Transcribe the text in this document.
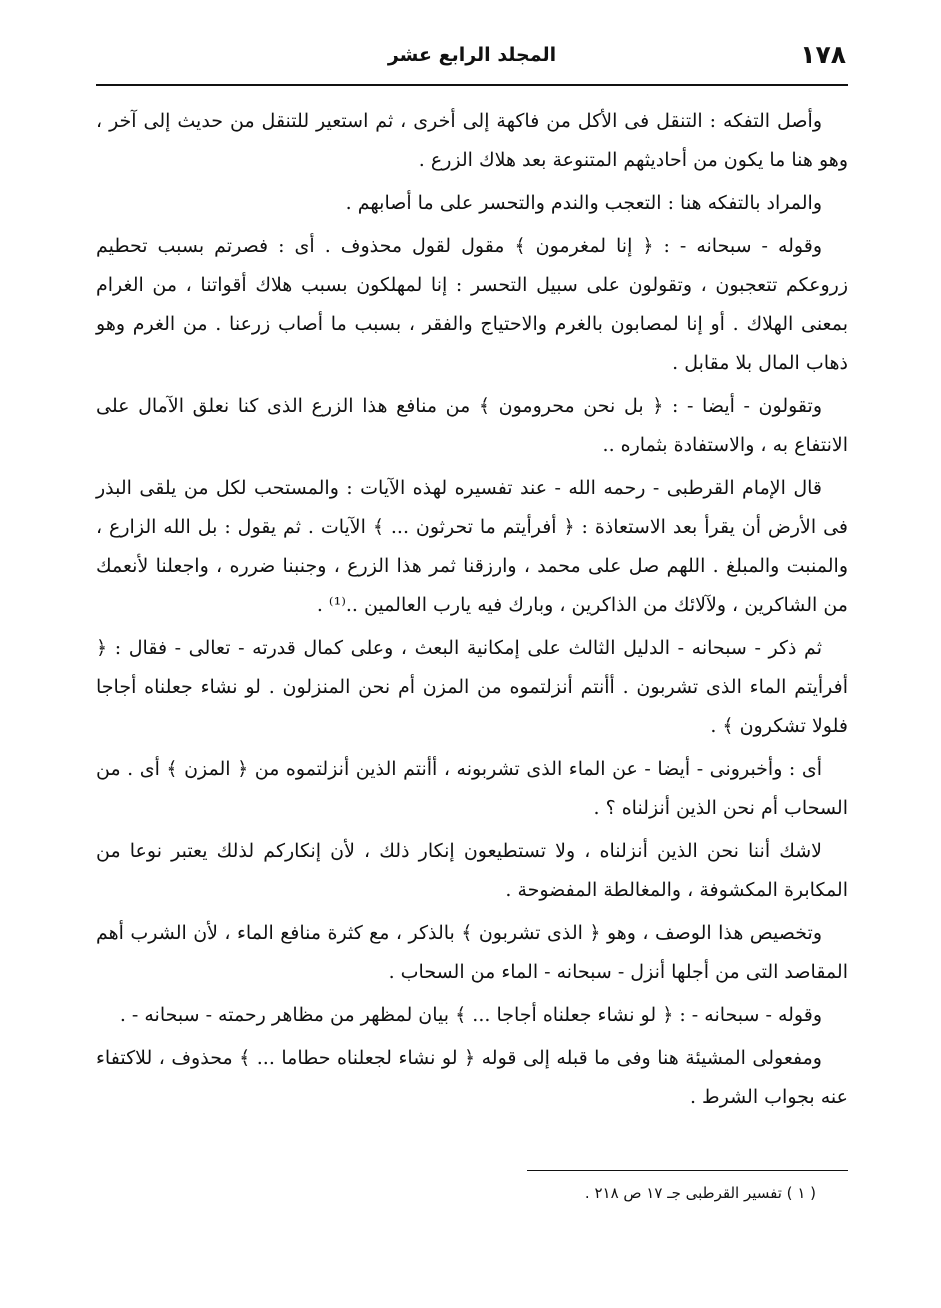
١٧٨
المجلد الرابع عشر

وأصل التفكه : التنقل فى الأكل من فاكهة إلى أخرى ، ثم استعير للتنقل من حديث إلى آخر ، وهو هنا ما يكون من أحاديثهم المتنوعة بعد هلاك الزرع .

والمراد بالتفكه هنا : التعجب والندم والتحسر على ما أصابهم .

وقوله - سبحانه - : ﴿ إنا لمغرمون ﴾ مقول لقول محذوف . أى : فصرتم بسبب تحطيم زروعكم تتعجبون ، وتقولون على سبيل التحسر : إنا لمهلكون بسبب هلاك أقواتنا ، من الغرام بمعنى الهلاك . أو إنا لمصابون بالغرم والاحتياج والفقر ، بسبب ما أصاب زرعنا . من الغرم وهو ذهاب المال بلا مقابل .

وتقولون - أيضا - : ﴿ بل نحن محرومون ﴾ من منافع هذا الزرع الذى كنا نعلق الآمال على الانتفاع به ، والاستفادة بثماره ..

قال الإمام القرطبى - رحمه الله - عند تفسيره لهذه الآيات : والمستحب لكل من يلقى البذر فى الأرض أن يقرأ بعد الاستعاذة : ﴿ أفرأيتم ما تحرثون ... ﴾ الآيات . ثم يقول : بل الله الزارع ، والمنبت والمبلغ . اللهم صل على محمد ، وارزقنا ثمر هذا الزرع ، وجنبنا ضرره ، واجعلنا لأنعمك من الشاكرين ، ولآلائك من الذاكرين ، وبارك فيه يارب العالمين ..⁽¹⁾ .

ثم ذكر - سبحانه - الدليل الثالث على إمكانية البعث ، وعلى كمال قدرته - تعالى - فقال : ﴿ أفرأيتم الماء الذى تشربون . أأنتم أنزلتموه من المزن أم نحن المنزلون . لو نشاء جعلناه أجاجا فلولا تشكرون ﴾ .

أى : وأخبرونى - أيضا - عن الماء الذى تشربونه ، أأنتم الذين أنزلتموه من ﴿ المزن ﴾ أى . من السحاب أم نحن الذين أنزلناه ؟ .

لاشك أننا نحن الذين أنزلناه ، ولا تستطيعون إنكار ذلك ، لأن إنكاركم لذلك يعتبر نوعا من المكابرة المكشوفة ، والمغالطة المفضوحة .

وتخصيص هذا الوصف ، وهو ﴿ الذى تشربون ﴾ بالذكر ، مع كثرة منافع الماء ، لأن الشرب أهم المقاصد التى من أجلها أنزل - سبحانه - الماء من السحاب .

وقوله - سبحانه - : ﴿ لو نشاء جعلناه أجاجا ... ﴾ بيان لمظهر من مظاهر رحمته - سبحانه - .

ومفعولى المشيئة هنا وفى ما قبله إلى قوله ﴿ لو نشاء لجعلناه حطاما ... ﴾ محذوف ، للاكتفاء عنه بجواب الشرط .

( ١ ) تفسير القرطبى جـ ١٧ ص ٢١٨ .
